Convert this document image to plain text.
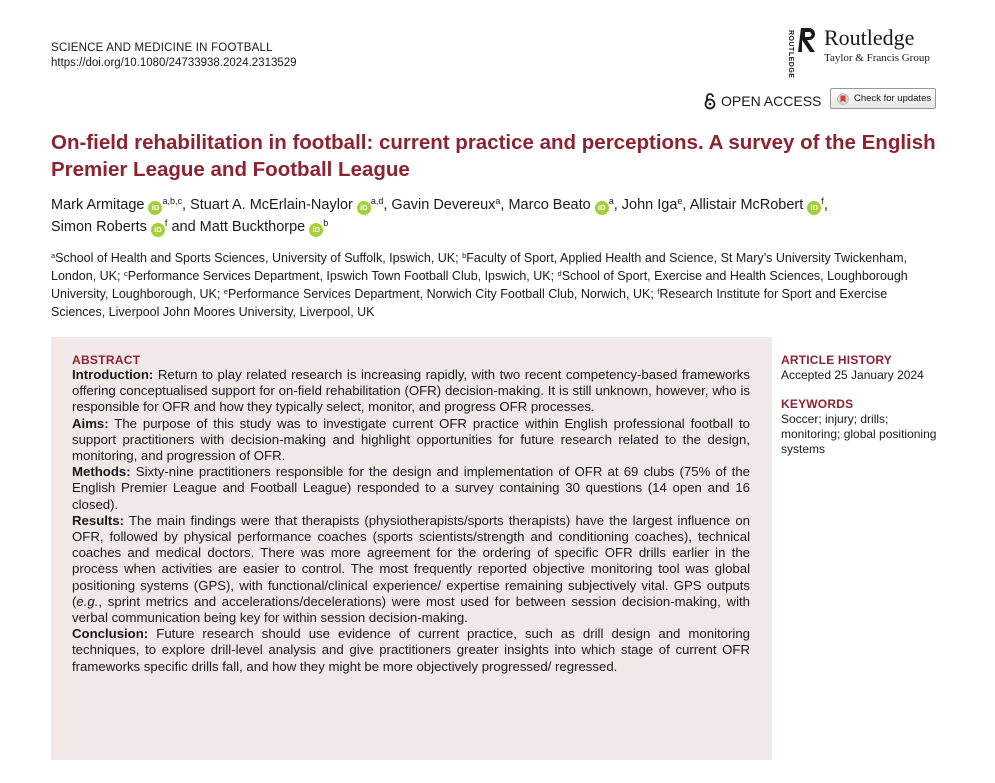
SCIENCE AND MEDICINE IN FOOTBALL
https://doi.org/10.1080/24733938.2024.2313529	ROUTLEDGE Routledge
Taylor & Francis Group
OPEN ACCESS	Check for updates
On-field rehabilitation in football: current practice and perceptions. A survey of the English Premier League and Football League
Mark Armitage iD$^{a,b,c}$, Stuart A. McErlain-Naylor iD$^{a,d}$, Gavin Devereux$^a$, Marco Beato $iD^a$, John Iga$^e$, Allistair McRobert $iD^f$,
Simon Roberts $iD^f$ and Matt Buckthorpe $iD^b$
$^a$School of Health and Sports Sciences, University of Suffolk, Ipswich, UK; $^b$Faculty of Sport, Applied Health and Science, St Mary’s University Twickenham, London, UK; $^c$Performance Services Department, Ipswich Town Football Club, Ipswich, UK; $^d$School of Sport, Exercise and Health Sciences, Loughborough University, Loughborough, UK; $^e$Performance Services Department, Norwich City Football Club, Norwich, UK; $^f$Research Institute for Sport and Exercise Sciences, Liverpool John Moores University, Liverpool, UK

ABSTRACT

Introduction: Return to play related research is increasing rapidly, with two recent competency-based frameworks offering conceptualised support for on-field rehabilitation (OFR) decision-making. It is still unknown, however, who is responsible for OFR and how they typically select, monitor, and progress OFR processes.

Aims: The purpose of this study was to investigate current OFR practice within English professional football to support practitioners with decision-making and highlight opportunities for future research related to the design, monitoring, and progression of OFR.

Methods: Sixty-nine practitioners responsible for the design and implementation of OFR at 69 clubs (75% of the English Premier League and Football League) responded to a survey containing 30 questions (14 open and 16 closed).

Results: The main findings were that therapists (physiotherapists/sports therapists) have the largest influence on OFR, followed by physical performance coaches (sports scientists/strength and conditioning coaches), technical coaches and medical doctors. There was more agreement for the ordering of specific OFR drills earlier in the process when activities are easier to control. The most frequently reported objective monitoring tool was global positioning systems (GPS), with functional/clinical experience/ expertise remaining subjectively vital. GPS outputs (e.g., sprint metrics and accelerations/decelerations) were most used for between session decision-making, with verbal communication being key for within session decision-making.

Conclusion: Future research should use evidence of current practice, such as drill design and monitoring techniques, to explore drill-level analysis and give practitioners greater insights into which stage of current OFR frameworks specific drills fall, and how they might be more objectively progressed/ regressed.

ARTICLE HISTORY

Accepted 25 January 2024

KEYWORDS

Soccer; injury; drills; monitoring; global positioning systems
